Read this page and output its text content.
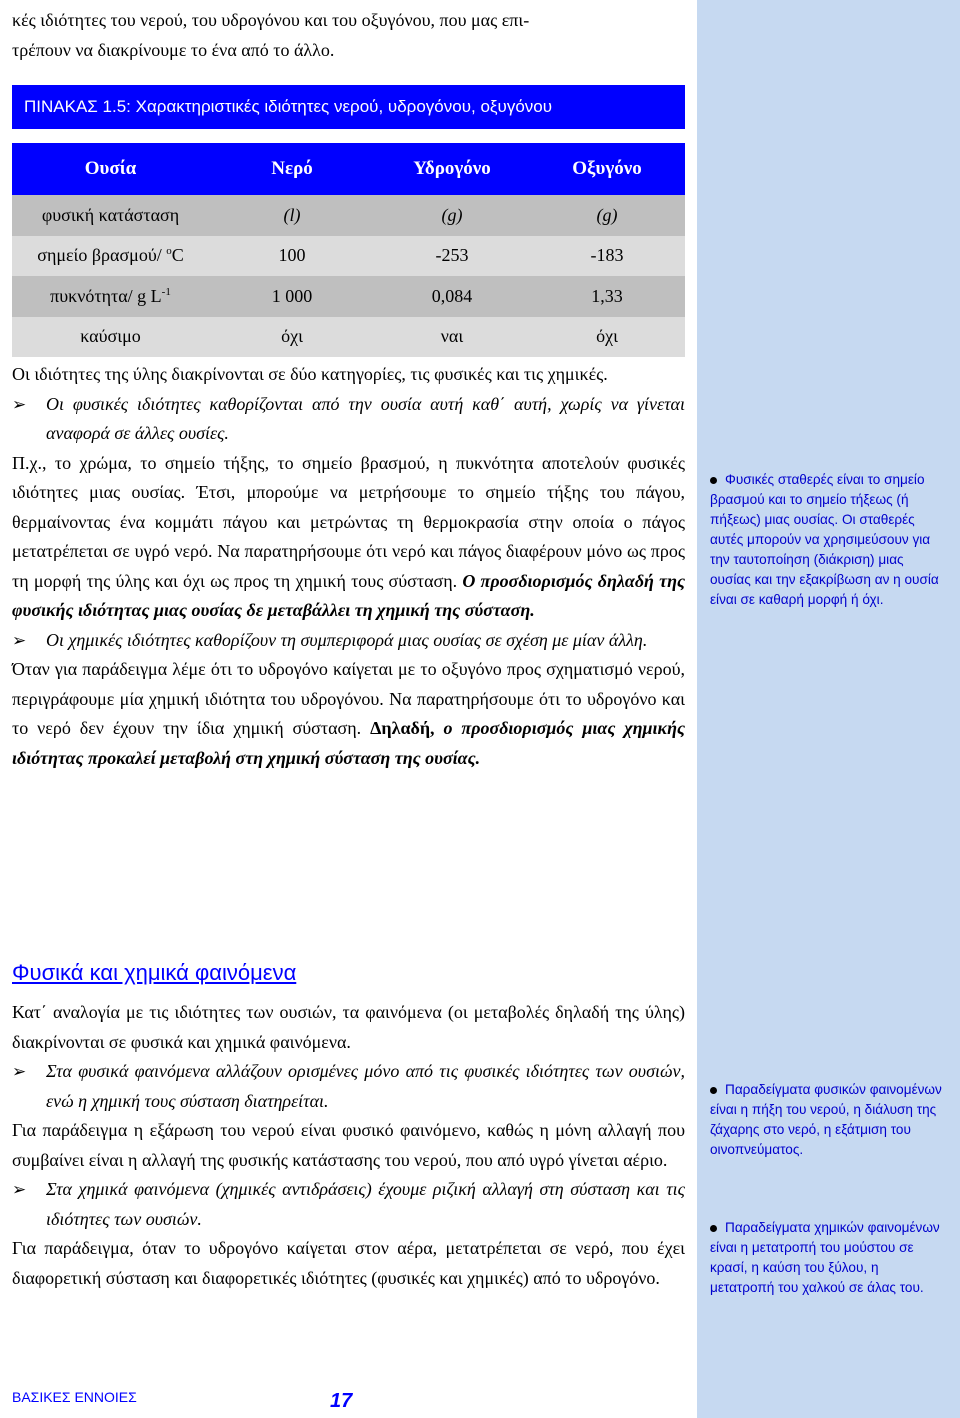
κές ιδιότητες του νερού, του υδρογόνου και του οξυγόνου, που μας επι-

τρέπουν να διακρίνουμε το ένα από το άλλο.

ΠΙΝΑΚΑΣ 1.5: Χαρακτηριστικές ιδιότητες νερού, υδρογόνου, οξυγόνου
Ουσία	Νερό	Υδρογόνο	Οξυγόνο
φυσική κατάσταση	(l)	(g)	(g)
σημείο βρασμού/ $^o$C	100	-253	-183
πυκνότητα/ g $L^{-1}$	1 000	0,084	1,33
καύσιμο	όχι	ναι	όχι

Οι ιδιότητες της ύλης διακρίνονται σε δύο κατηγορίες, τις φυσικές και τις χημικές.

➢ Οι φυσικές ιδιότητες καθορίζονται από την ουσία αυτή καθ΄ αυτή, χωρίς να γίνεται αναφορά σε άλλες ουσίες.

Π.χ., το χρώμα, το σημείο τήξης, το σημείο βρασμού, η πυκνότητα αποτελούν φυσικές ιδιότητες μιας ουσίας. Έτσι, μπορούμε να μετρήσουμε το σημείο τήξης του πάγου, θερμαίνοντας ένα κομμάτι πάγου και μετρώντας τη θερμοκρασία στην οποία ο πάγος μετατρέπεται σε υγρό νερό. Να παρατηρήσουμε ότι νερό και πάγος διαφέρουν μόνο ως προς τη μορφή της ύλης και όχι ως προς τη χημική τους σύσταση. Ο προσδιορισμός δηλαδή της φυσικής ιδιότητας μιας ουσίας δε μεταβάλλει τη χημική της σύσταση.

➢ Οι χημικές ιδιότητες καθορίζουν τη συμπεριφορά μιας ουσίας σε σχέση με μίαν άλλη.

Όταν για παράδειγμα λέμε ότι το υδρογόνο καίγεται με το οξυγόνο προς σχηματισμό νερού, περιγράφουμε μία χημική ιδιότητα του υδρογόνου. Να παρατηρήσουμε ότι το υδρογόνο και το νερό δεν έχουν την ίδια χημική σύσταση. Δηλαδή, ο προσδιορισμός μιας χημικής ιδιότητας προκαλεί μεταβολή στη χημική σύσταση της ουσίας.

Φυσικές σταθερές είναι το σημείο βρασμού και το σημείο τήξεως (ή πήξεως) μιας ουσίας. Οι σταθερές αυτές μπορούν να χρησιμεύσουν για την ταυτοποίηση (διάκριση) μιας ουσίας και την εξακρίβωση αν η ουσία είναι σε καθαρή μορφή ή όχι.
Παραδείγματα φυσικών φαινομένων είναι η πήξη του νερού, η διάλυση της ζάχαρης στο νερό, η εξάτμιση του οινοπνεύματος.
Παραδείγματα χημικών φαινομένων είναι η μετατροπή του μούστου σε κρασί, η καύση του ξύλου, η μετατροπή του χαλκού σε άλας του.
Φυσικά και χημικά φαινόμενα

Κατ΄ αναλογία με τις ιδιότητες των ουσιών, τα φαινόμενα (οι μεταβολές δηλαδή της ύλης) διακρίνονται σε φυσικά και χημικά φαινόμενα.

➢ Στα φυσικά φαινόμενα αλλάζουν ορισμένες μόνο από τις φυσικές ιδιότητες των ουσιών, ενώ η χημική τους σύσταση διατηρείται.

Για παράδειγμα η εξάρωση του νερού είναι φυσικό φαινόμενο, καθώς η μόνη αλλαγή που συμβαίνει είναι η αλλαγή της φυσικής κατάστασης του νερού, που από υγρό γίνεται αέριο.

➢ Στα χημικά φαινόμενα (χημικές αντιδράσεις) έχουμε ριζική αλλαγή στη σύσταση και τις ιδιότητες των ουσιών.

Για παράδειγμα, όταν το υδρογόνο καίγεται στον αέρα, μετατρέπεται σε νερό, που έχει διαφορετική σύσταση και διαφορετικές ιδιότητες (φυσικές και χημικές) από το υδρογόνο.

ΒΑΣΙΚΕΣ ΕΝΝΟΙΕΣ	17
